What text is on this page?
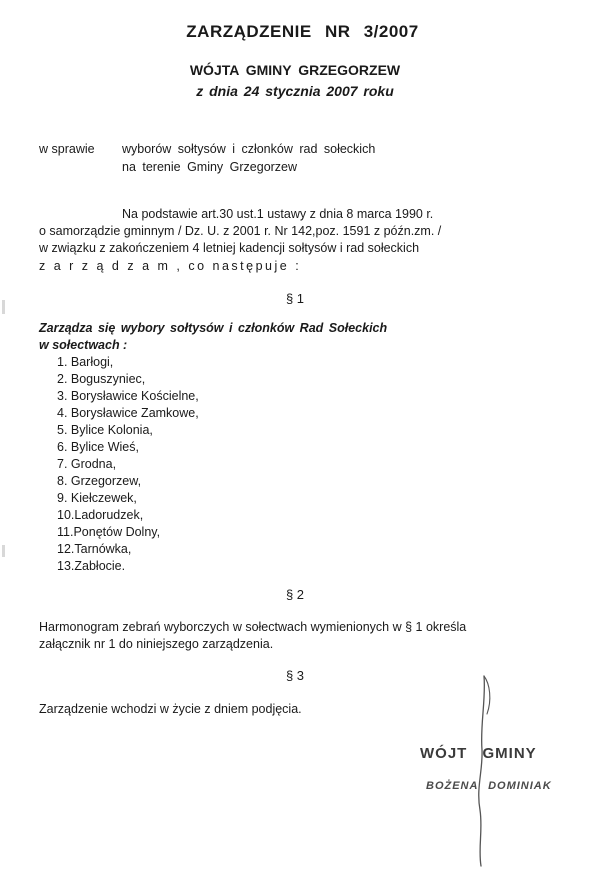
ZARZĄDZENIE NR 3/2007
WÓJTA GMINY GRZEGORZEW
z dnia 24 stycznia 2007 roku
w sprawie wyborów sołtysów i członków rad sołeckich
na terenie Gminy Grzegorzew
Na podstawie art.30 ust.1 ustawy z dnia 8 marca 1990 r.
o samorządzie gminnym / Dz. U. z 2001 r. Nr 142,poz. 1591 z późn.zm. /
w związku z zakończeniem 4 letniej kadencji sołtysów i rad sołeckich
z a r z ą d z a m , co następuje :
§ 1
Zarządza się wybory sołtysów i członków Rad Sołeckich
w sołectwach :
1. Barłogi,
2. Boguszyniec,
3. Borysławice Kościelne,
4. Borysławice Zamkowe,
5. Bylice Kolonia,
6. Bylice Wieś,
7. Grodna,
8. Grzegorzew,
9. Kiełczewek,
10.Ladorudzek,
11.Ponętów Dolny,
12.Tarnówka,
13.Zabłocie.
§ 2
Harmonogram zebrań wyborczych w sołectwach wymienionych w § 1 określa
załącznik nr 1 do niniejszego zarządzenia.
§ 3
Zarządzenie wchodzi w życie z dniem podjęcia.
WÓJT GMINY
BOŻENA DOMINIAK
